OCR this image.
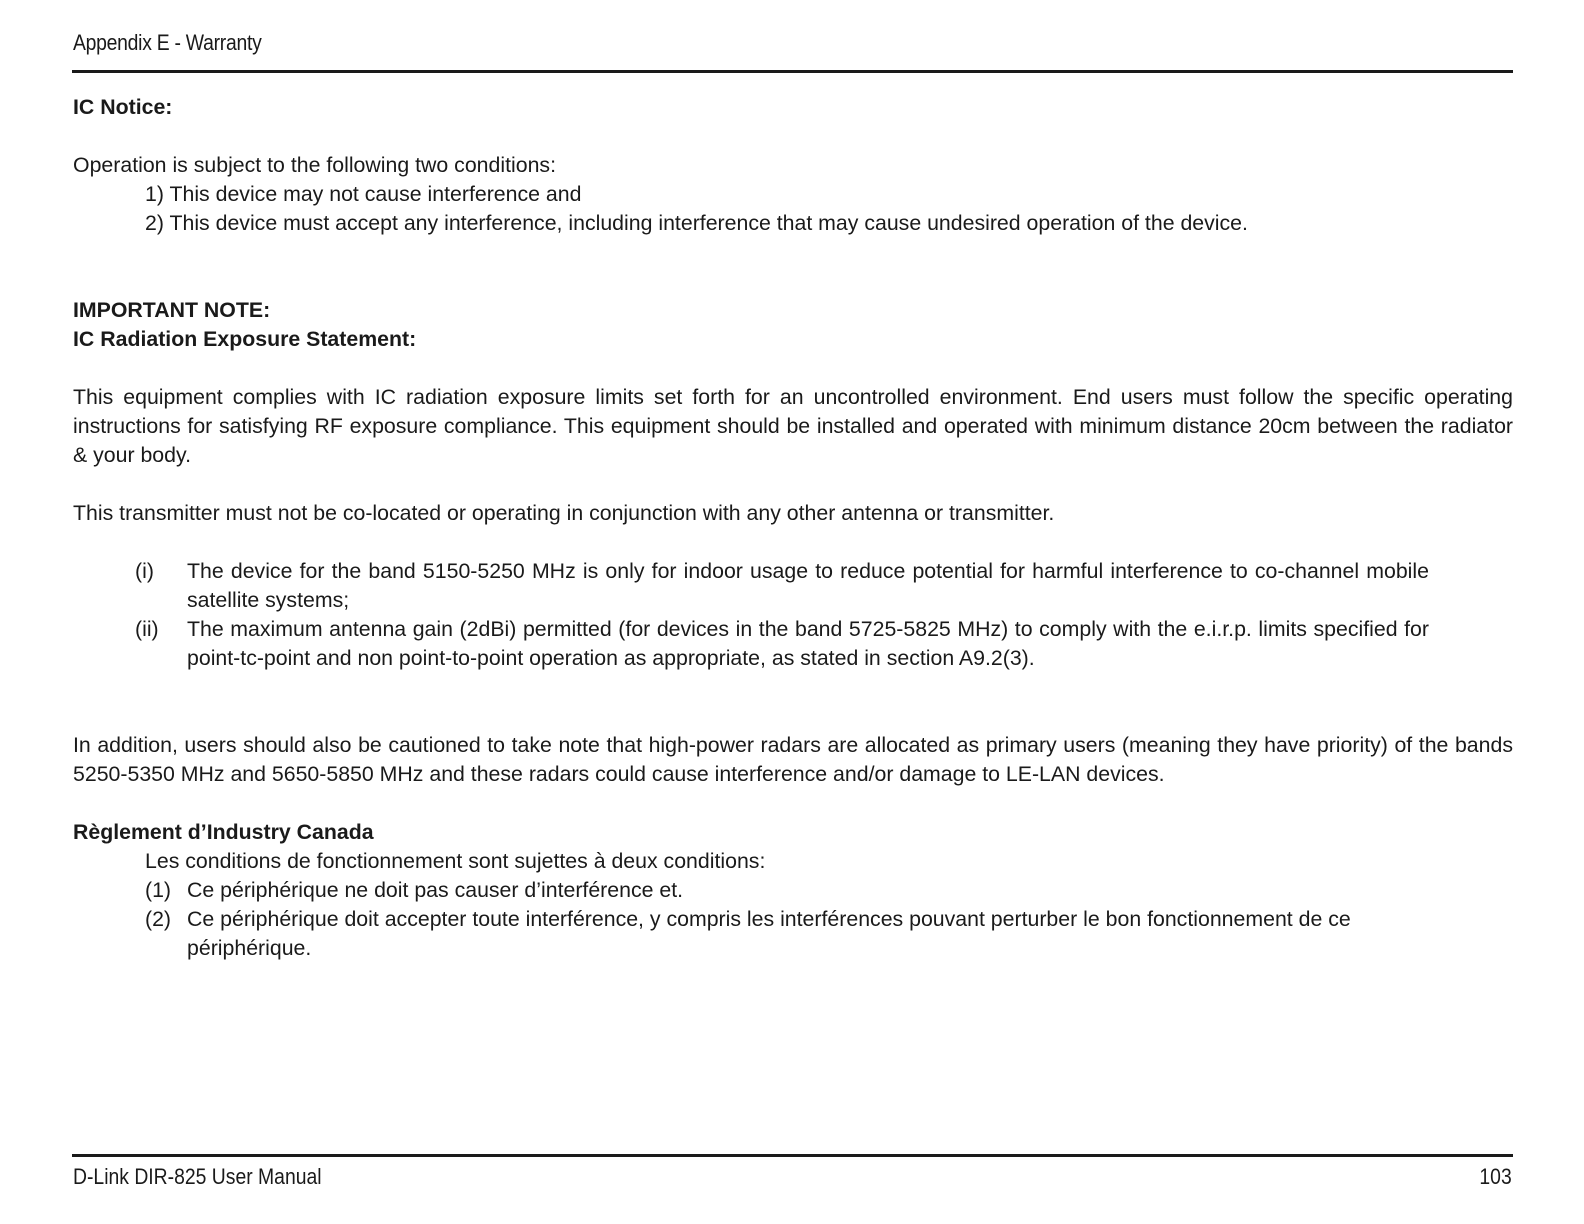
Appendix E - Warranty

IC Notice:

Operation is subject to the following two conditions:

1) This device may not cause interference and
2) This device must accept any interference, including interference that may cause undesired operation of the device.

IMPORTANT NOTE:

IC Radiation Exposure Statement:

This equipment complies with IC radiation exposure limits set forth for an uncontrolled environment. End users must follow the specific operating instructions for satisfying RF exposure compliance. This equipment should be installed and operated with minimum distance 20cm between the radiator & your body.

This transmitter must not be co-located or operating in conjunction with any other antenna or transmitter.

(i)	The device for the band 5150-5250 MHz is only for indoor usage to reduce potential for harmful interference to co-channel mobile satellite systems;
(ii)	The maximum antenna gain (2dBi) permitted (for devices in the band 5725-5825 MHz) to comply with the e.i.r.p. limits specified for point-tc-point and non point-to-point operation as appropriate, as stated in section A9.2(3).

In addition, users should also be cautioned to take note that high-power radars are allocated as primary users (meaning they have priority) of the bands 5250-5350 MHz and 5650-5850 MHz and these radars could cause interference and/or damage to LE-LAN devices.

Règlement d’Industry Canada

Les conditions de fonctionnement sont sujettes à deux conditions:

(1) Ce périphérique ne doit pas causer d’interférence et.
(2) Ce périphérique doit accepter toute interférence, y compris les interférences pouvant perturber le bon fonctionnement de ce périphérique.
D-Link DIR-825 User Manual	103
